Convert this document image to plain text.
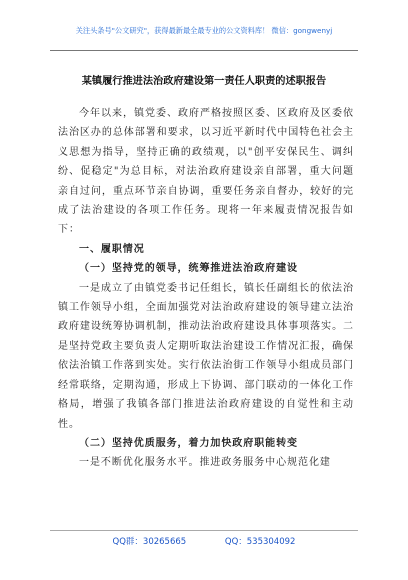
关注头条号"公文研究"，获得最新最全最专业的公文资料库！ 微信：gongwenyj
某镇履行推进法治政府建设第一责任人职责的述职报告

今年以来，镇党委、政府严格按照区委、区政府及区委依法治区办的总体部署和要求，以习近平新时代中国特色社会主义思想为指导，坚持正确的政绩观，以"创平安保民生、调纠纷、促稳定"为总目标，对法治政府建设亲自部署，重大问题亲自过问，重点环节亲自协调，重要任务亲自督办，较好的完成了法治建设的各项工作任务。现将一年来履责情况报告如下：

一、履职情况

（一）坚持党的领导，统筹推进法治政府建设

一是成立了由镇党委书记任组长，镇长任副组长的依法治镇工作领导小组，全面加强党对法治政府建设的领导建立法治政府建设统筹协调机制，推动法治政府建设具体事项落实。二是坚持党政主要负责人定期听取法治建设工作情况汇报，确保依法治镇工作落到实处。实行依法治街工作领导小组成员部门经常联络，定期沟通，形成上下协调、部门联动的一体化工作格局，增强了我镇各部门推进法治政府建设的自觉性和主动性。

（二）坚持优质服务，着力加快政府职能转变

一是不断优化服务水平。推进政务服务中心规范化建

QQ群：30265665	QQ：535304092
